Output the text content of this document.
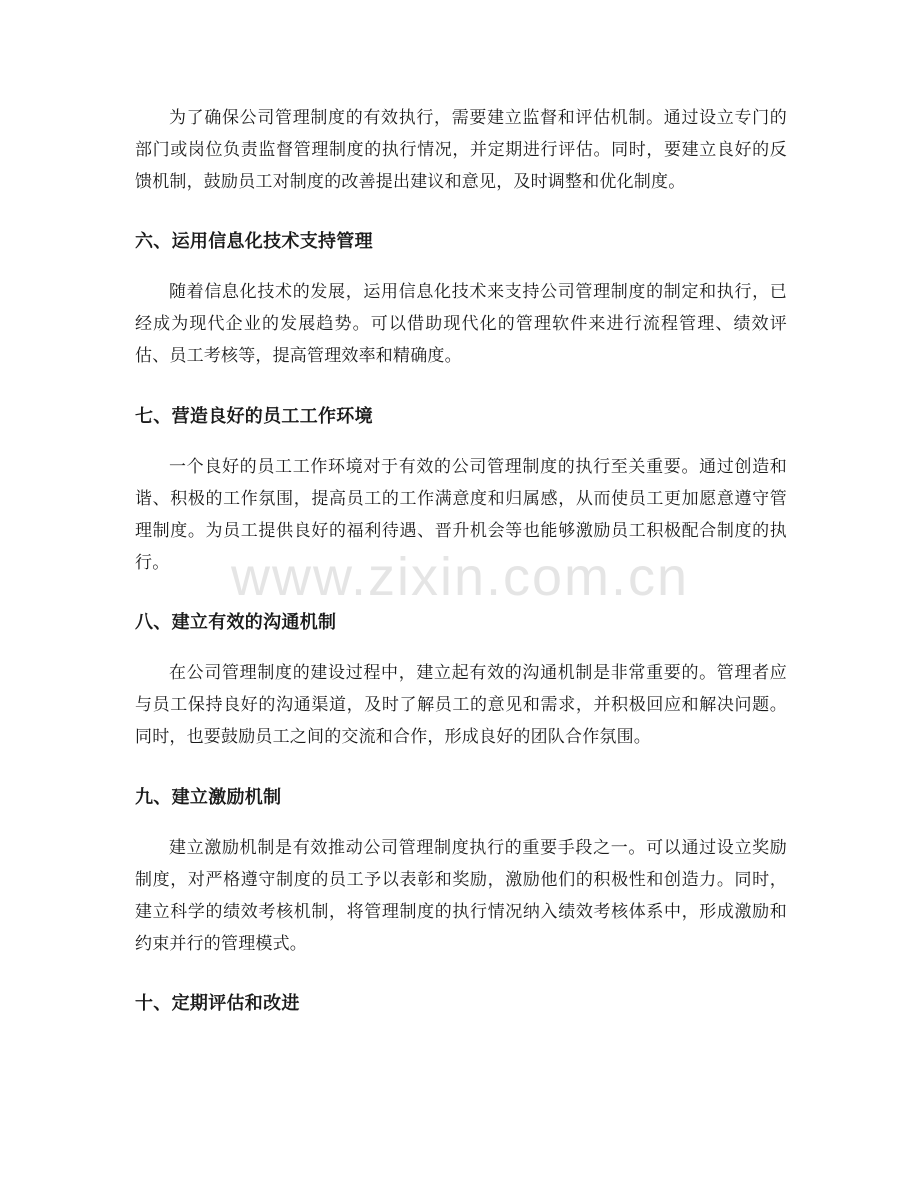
为了确保公司管理制度的有效执行，需要建立监督和评估机制。通过设立专门的部门或岗位负责监督管理制度的执行情况，并定期进行评估。同时，要建立良好的反馈机制，鼓励员工对制度的改善提出建议和意见，及时调整和优化制度。

六、运用信息化技术支持管理

随着信息化技术的发展，运用信息化技术来支持公司管理制度的制定和执行，已经成为现代企业的发展趋势。可以借助现代化的管理软件来进行流程管理、绩效评估、员工考核等，提高管理效率和精确度。

七、营造良好的员工工作环境

一个良好的员工工作环境对于有效的公司管理制度的执行至关重要。通过创造和谐、积极的工作氛围，提高员工的工作满意度和归属感，从而使员工更加愿意遵守管理制度。为员工提供良好的福利待遇、晋升机会等也能够激励员工积极配合制度的执行。

八、建立有效的沟通机制

在公司管理制度的建设过程中，建立起有效的沟通机制是非常重要的。管理者应与员工保持良好的沟通渠道，及时了解员工的意见和需求，并积极回应和解决问题。同时，也要鼓励员工之间的交流和合作，形成良好的团队合作氛围。

九、建立激励机制

建立激励机制是有效推动公司管理制度执行的重要手段之一。可以通过设立奖励制度，对严格遵守制度的员工予以表彰和奖励，激励他们的积极性和创造力。同时，建立科学的绩效考核机制，将管理制度的执行情况纳入绩效考核体系中，形成激励和约束并行的管理模式。

十、定期评估和改进
www.zixin.com.cn
